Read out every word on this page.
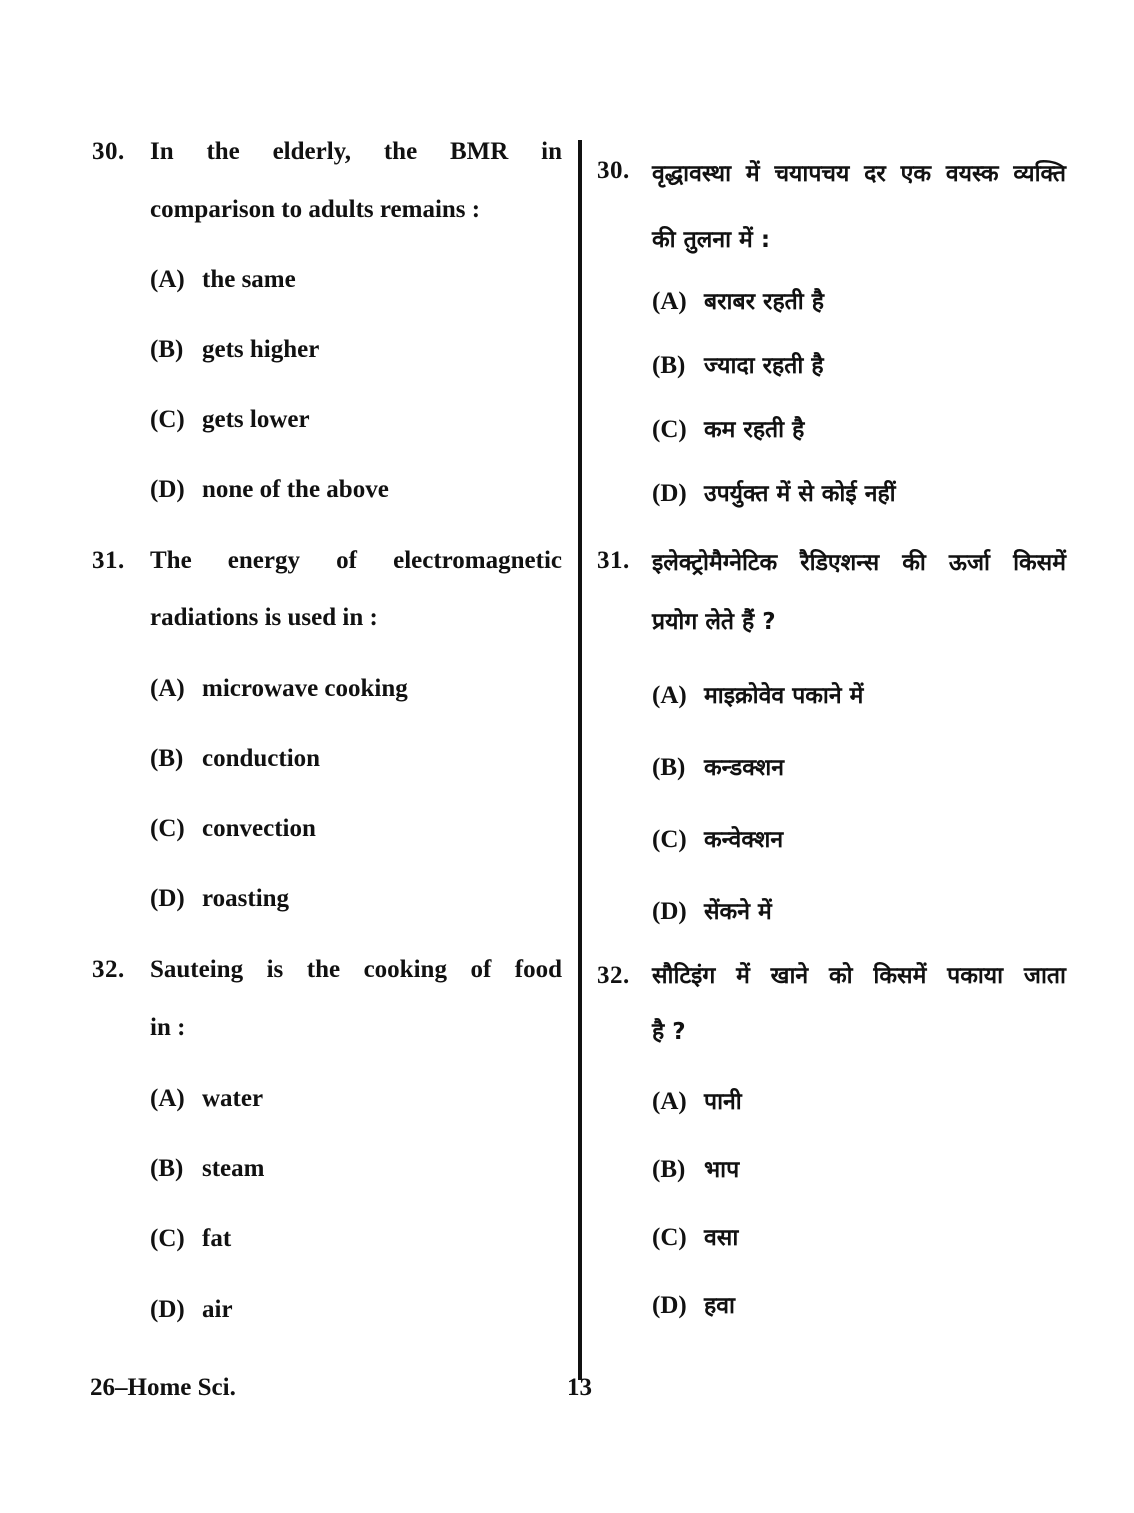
30. In the elderly, the BMR in
comparison to adults remains :
(A) the same
(B) gets higher
(C) gets lower
(D) none of the above
31. The energy of electromagnetic
radiations is used in :
(A) microwave cooking
(B) conduction
(C) convection
(D) roasting
32. Sauteing is the cooking of food
in :
(A) water
(B) steam
(C) fat
(D) air
30. वृद्धावस्था में चयापचय दर एक वयस्क व्यक्ति
की तुलना में :
(A) बराबर रहती है
(B) ज्यादा रहती है
(C) कम रहती है
(D) उपर्युक्त में से कोई नहीं
31. इलेक्ट्रोमैग्नेटिक रैडिएशन्स की ऊर्जा किसमें
प्रयोग लेते हैं ?
(A) माइक्रोवेव पकाने में
(B) कन्डक्शन
(C) कन्वेक्शन
(D) सेंकने में
32. सौटिइंग में खाने को किसमें पकाया जाता
है ?
(A) पानी
(B) भाप
(C) वसा
(D) हवा
26–Home Sci.	13
